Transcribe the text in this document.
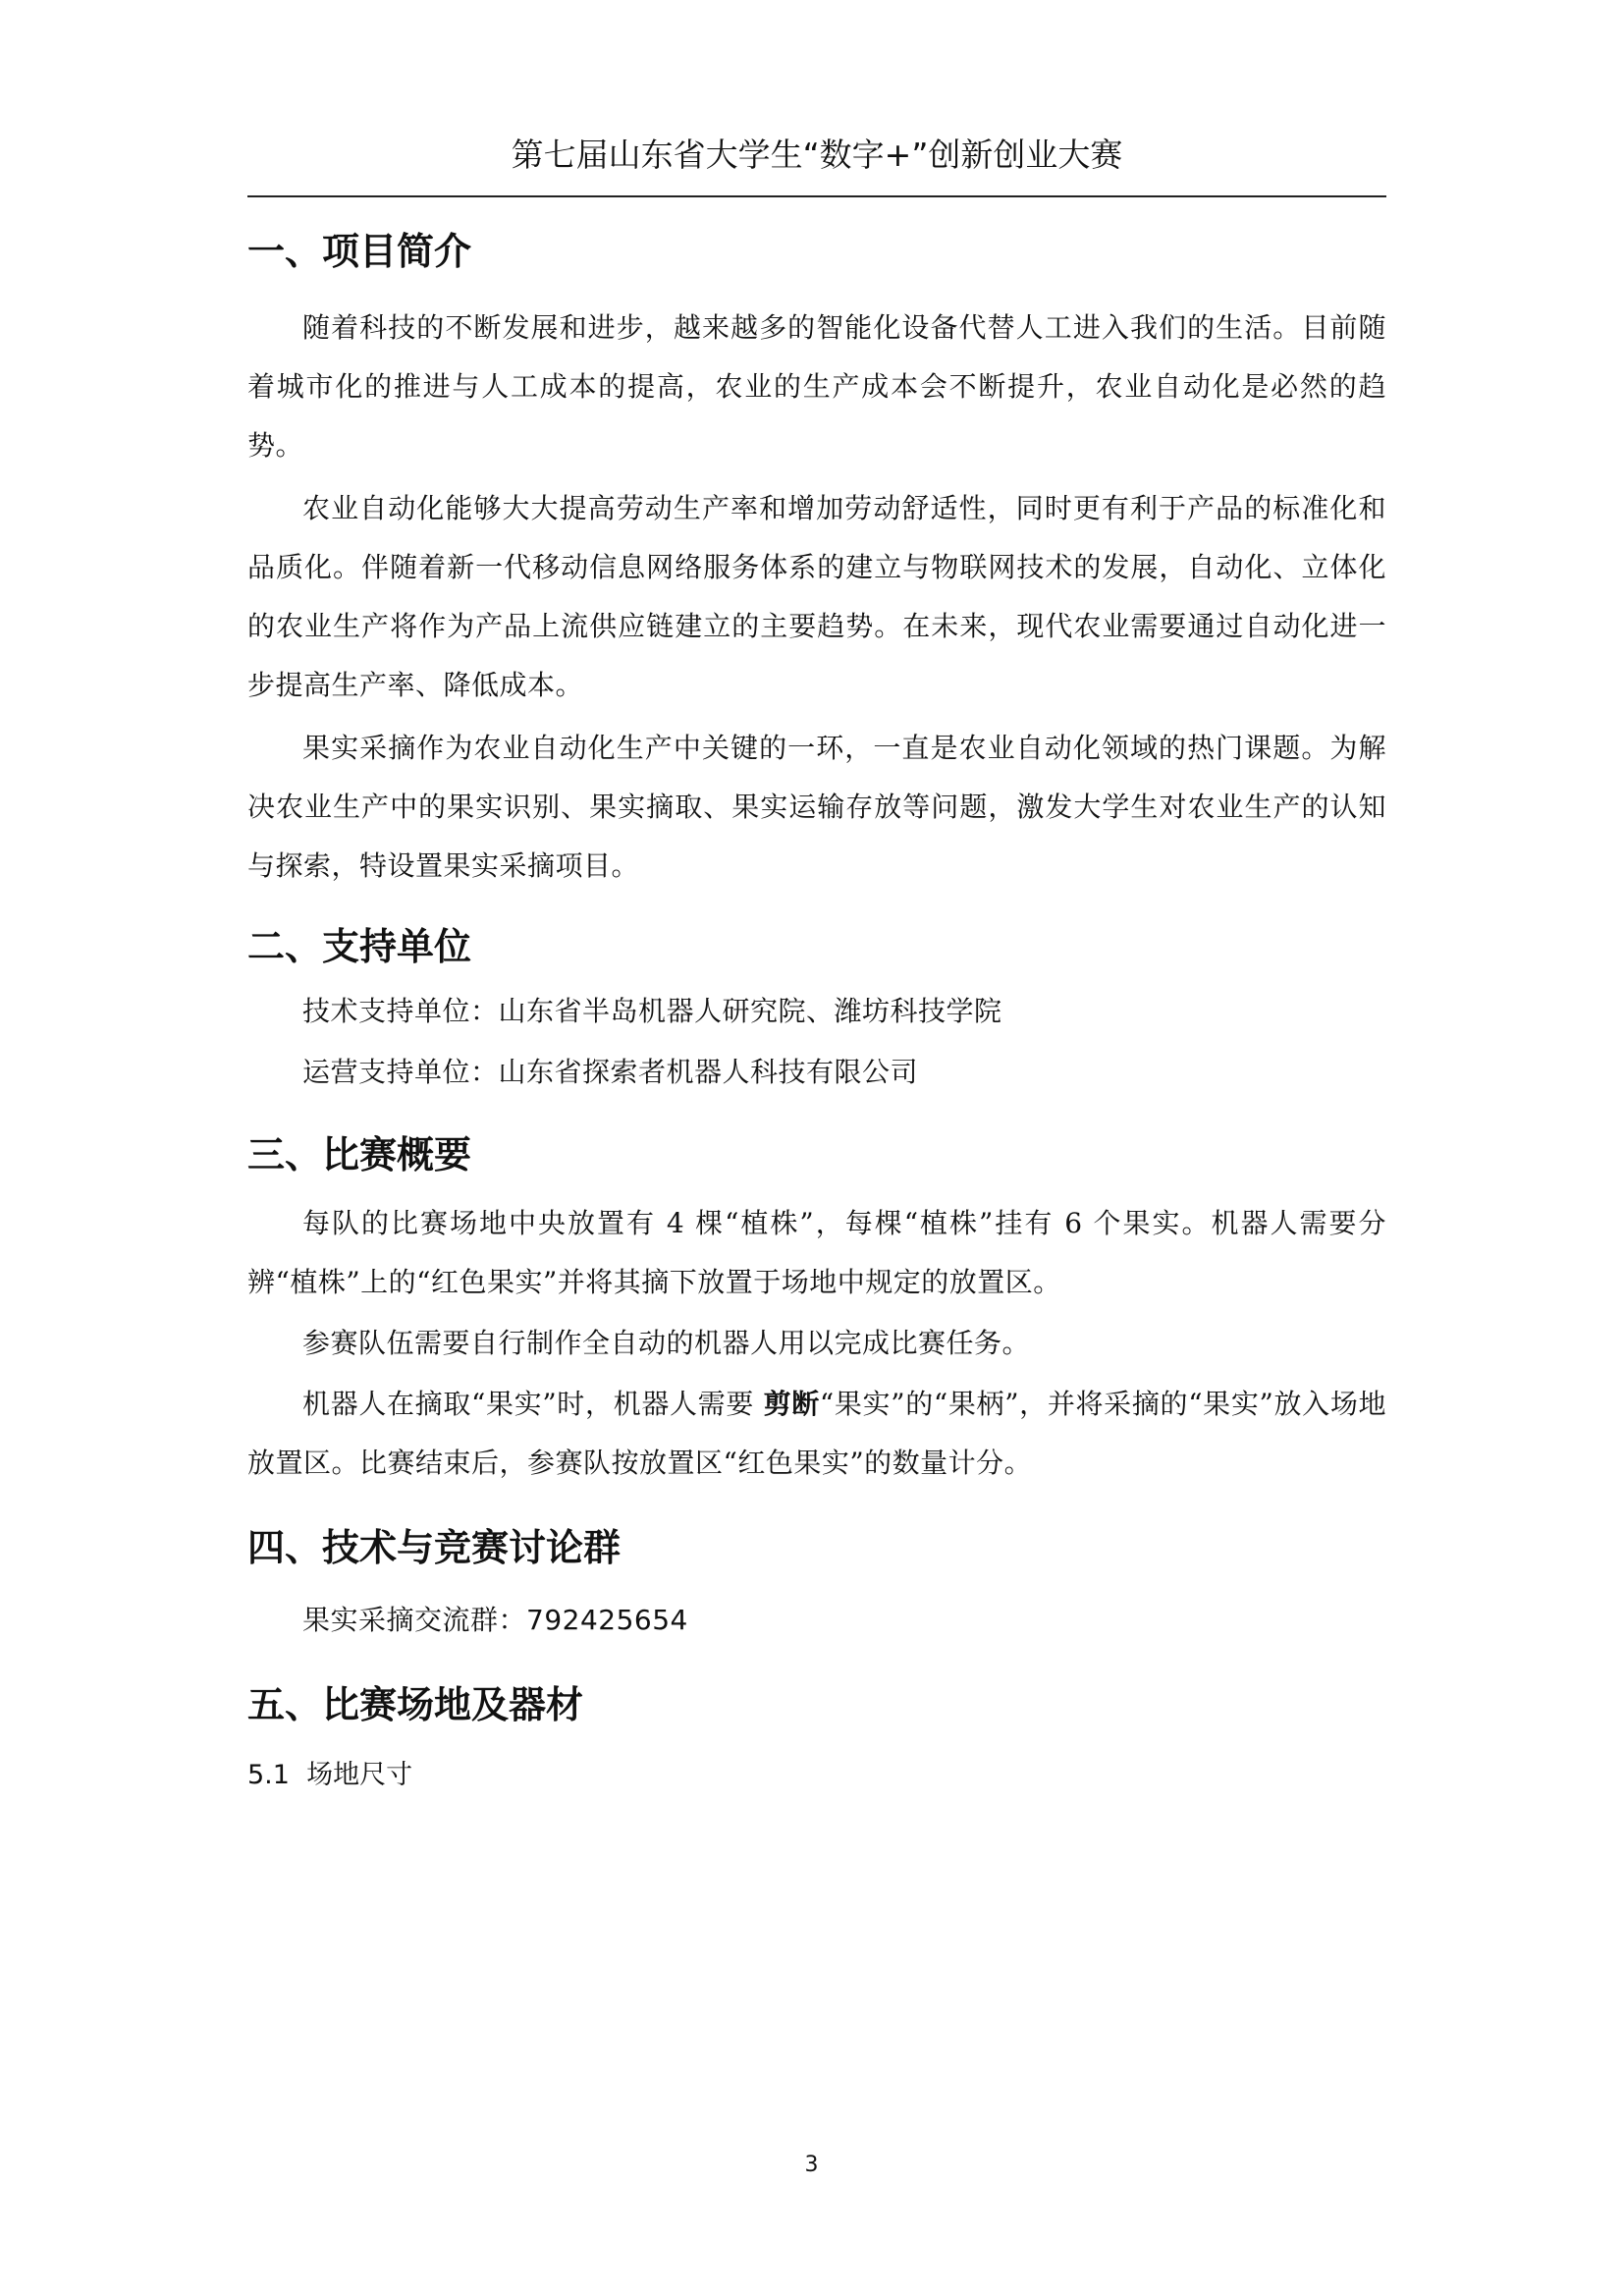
第七届山东省大学生“数字+”创新创业大赛
一、项目简介

随着科技的不断发展和进步，越来越多的智能化设备代替人工进入我们的生活。目前随着城市化的推进与人工成本的提高，农业的生产成本会不断提升，农业自动化是必然的趋势。

农业自动化能够大大提高劳动生产率和增加劳动舒适性，同时更有利于产品的标准化和品质化。伴随着新一代移动信息网络服务体系的建立与物联网技术的发展，自动化、立体化的农业生产将作为产品上流供应链建立的主要趋势。在未来，现代农业需要通过自动化进一步提高生产率、降低成本。

果实采摘作为农业自动化生产中关键的一环，一直是农业自动化领域的热门课题。为解决农业生产中的果实识别、果实摘取、果实运输存放等问题，激发大学生对农业生产的认知与探索，特设置果实采摘项目。

二、支持单位

技术支持单位：山东省半岛机器人研究院、潍坊科技学院

运营支持单位：山东省探索者机器人科技有限公司

三、比赛概要

每队的比赛场地中央放置有 4 棵“植株”，每棵“植株”挂有 6 个果实。机器人需要分辨“植株”上的“红色果实”并将其摘下放置于场地中规定的放置区。

参赛队伍需要自行制作全自动的机器人用以完成比赛任务。

机器人在摘取“果实”时，机器人需要 剪断“果实”的“果柄”，并将采摘的“果实”放入场地放置区。比赛结束后，参赛队按放置区“红色果实”的数量计分。

四、技术与竞赛讨论群

果实采摘交流群：792425654

五、比赛场地及器材

5.1 场地尺寸

3
